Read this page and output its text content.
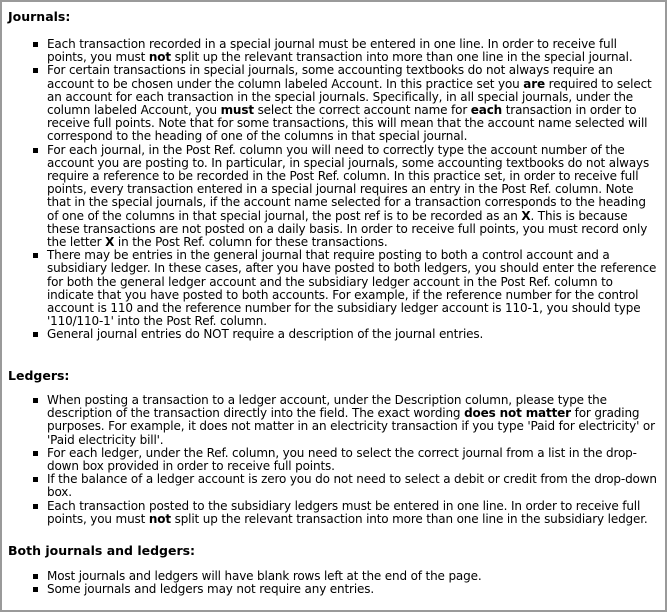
Journals:
Each transaction recorded in a special journal must be entered in one line. In order to receive full points, you must not split up the relevant transaction into more than one line in the special journal.
For certain transactions in special journals, some accounting textbooks do not always require an account to be chosen under the column labeled Account. In this practice set you are required to select an account for each transaction in the special journals. Specifically, in all special journals, under the column labeled Account, you must select the correct account name for each transaction in order to receive full points. Note that for some transactions, this will mean that the account name selected will correspond to the heading of one of the columns in that special journal.
For each journal, in the Post Ref. column you will need to correctly type the account number of the account you are posting to. In particular, in special journals, some accounting textbooks do not always require a reference to be recorded in the Post Ref. column. In this practice set, in order to receive full points, every transaction entered in a special journal requires an entry in the Post Ref. column. Note that in the special journals, if the account name selected for a transaction corresponds to the heading of one of the columns in that special journal, the post ref is to be recorded as an X. This is because these transactions are not posted on a daily basis. In order to receive full points, you must record only the letter X in the Post Ref. column for these transactions.
There may be entries in the general journal that require posting to both a control account and a subsidiary ledger. In these cases, after you have posted to both ledgers, you should enter the reference for both the general ledger account and the subsidiary ledger account in the Post Ref. column to indicate that you have posted to both accounts. For example, if the reference number for the control account is 110 and the reference number for the subsidiary ledger account is 110-1, you should type '110/110-1' into the Post Ref. column.
General journal entries do NOT require a description of the journal entries.
Ledgers:
When posting a transaction to a ledger account, under the Description column, please type the description of the transaction directly into the field. The exact wording does not matter for grading purposes. For example, it does not matter in an electricity transaction if you type 'Paid for electricity' or 'Paid electricity bill'.
For each ledger, under the Ref. column, you need to select the correct journal from a list in the drop-down box provided in order to receive full points.
If the balance of a ledger account is zero you do not need to select a debit or credit from the drop-down box.
Each transaction posted to the subsidiary ledgers must be entered in one line. In order to receive full points, you must not split up the relevant transaction into more than one line in the subsidiary ledger.
Both journals and ledgers:
Most journals and ledgers will have blank rows left at the end of the page.
Some journals and ledgers may not require any entries.
